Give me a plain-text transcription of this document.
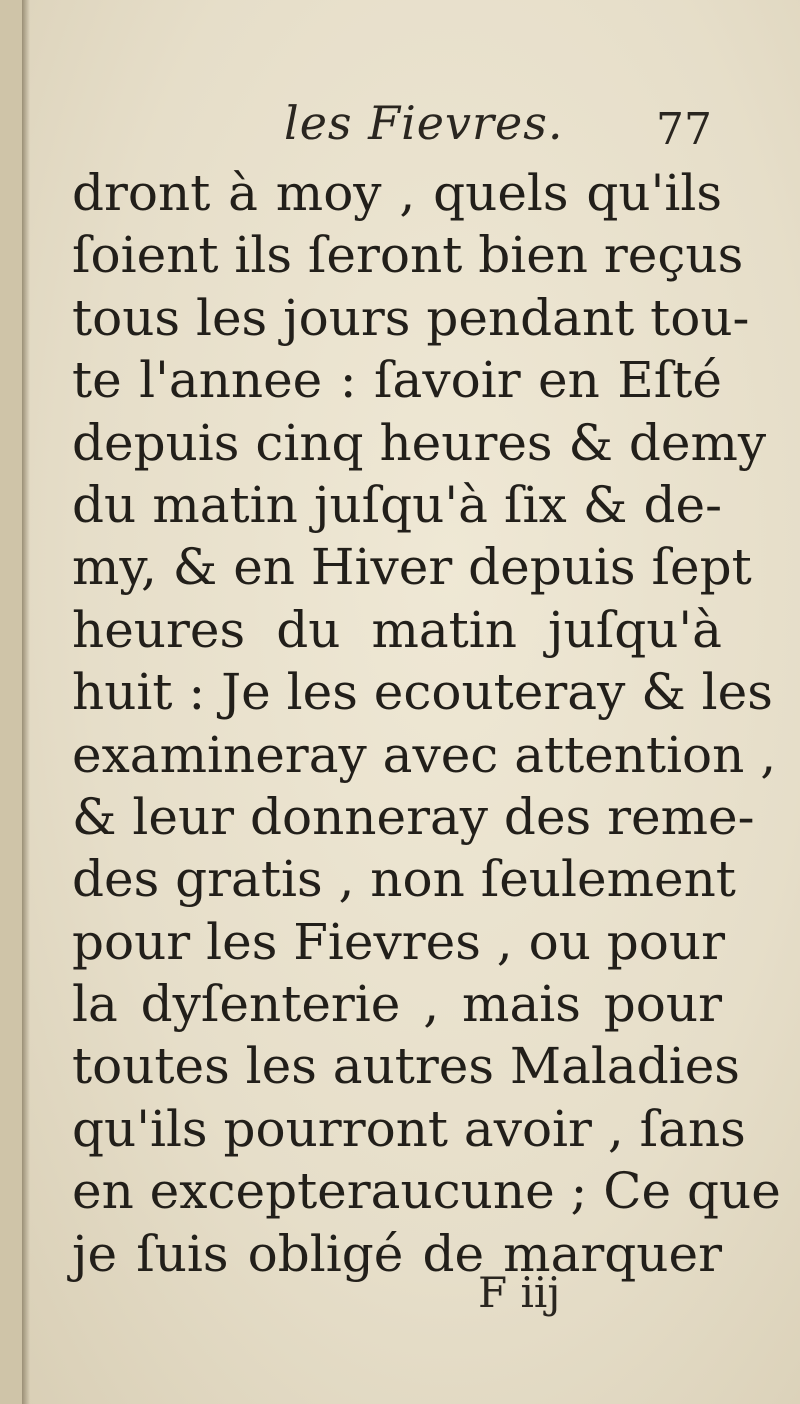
les Fievres. 77
dront à moy , quels qu'ils
ſoient ils ſeront bien reçus
tous les jours pendant tou-
te l'annee : ſavoir en Eſté
depuis cinq heures & demy
du matin juſqu'à ſix & de-
my, & en Hiver depuis ſept
heures du matin juſqu'à
huit : Je les ecouteray & les
examineray avec attention ,
& leur donneray des reme-
des gratis , non ſeulement
pour les Fievres , ou pour
la dyſenterie , mais pour
toutes les autres Maladies
qu'ils pourront avoir , ſans
en excepteraucune ; Ce que
je ſuis obligé de marquer
F iij
